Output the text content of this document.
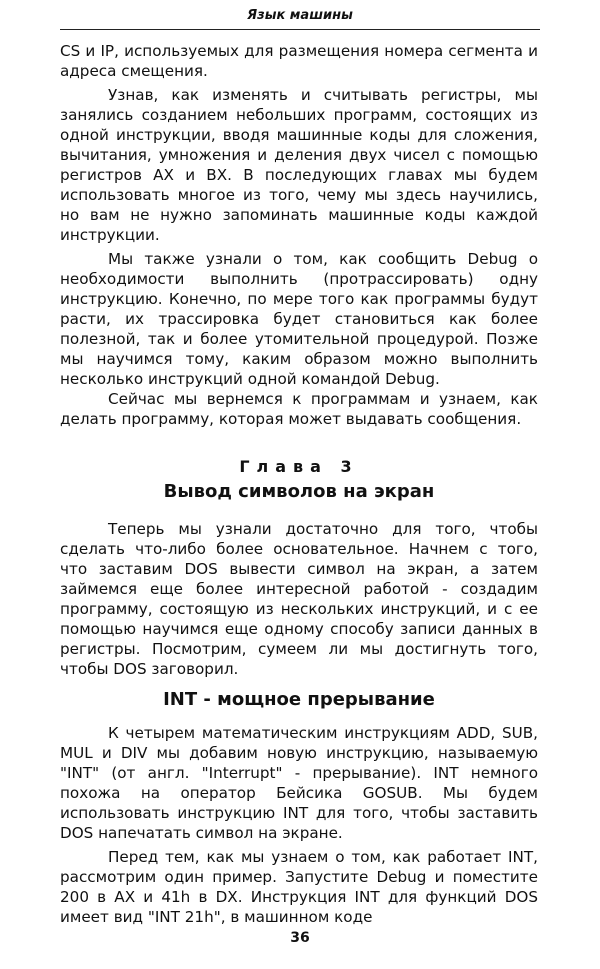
Язык машины

CS и IP, используемых для размещения номера сегмента и адреса смещения.

Узнав, как изменять и считывать регистры, мы занялись созданием небольших программ, состоящих из одной инструкции, вводя машинные коды для сложения, вычитания, умножения и деления двух чисел с помощью регистров AX и BX. В последующих главах мы будем использовать многое из того, чему мы здесь научились, но вам не нужно запоминать машинные коды каждой инструкции.

Мы также узнали о том, как сообщить Debug о необходимости выполнить (протрассировать) одну инструкцию. Конечно, по мере того как программы будут расти, их трассировка будет становиться как более полезной, так и более утомительной процедурой. Позже мы научимся тому, каким образом можно выполнить несколько инструкций одной командой Debug.

Сейчас мы вернемся к программам и узнаем, как делать программу, которая может выдавать сообщения.

Глава 3
Вывод символов на экран

Теперь мы узнали достаточно для того, чтобы сделать что-либо более основательное. Начнем с того, что заставим DOS вывести символ на экран, а затем займемся еще более интересной работой - создадим программу, состоящую из нескольких инструкций, и с ее помощью научимся еще одному способу записи данных в регистры. Посмотрим, сумеем ли мы достигнуть того, чтобы DOS заговорил.

INT - мощное прерывание

К четырем математическим инструкциям ADD, SUB, MUL и DIV мы добавим новую инструкцию, называемую "INT" (от англ. "Interrupt" - прерывание). INT немного похожа на оператор Бейсика GOSUB. Мы будем использовать инструкцию INT для того, чтобы заставить DOS напечатать символ на экране.

Перед тем, как мы узнаем о том, как работает INT, рассмотрим один пример. Запустите Debug и поместите 200 в AX и 41h в DX. Инструкция INT для функций DOS имеет вид "INT 21h", в машинном коде

36
